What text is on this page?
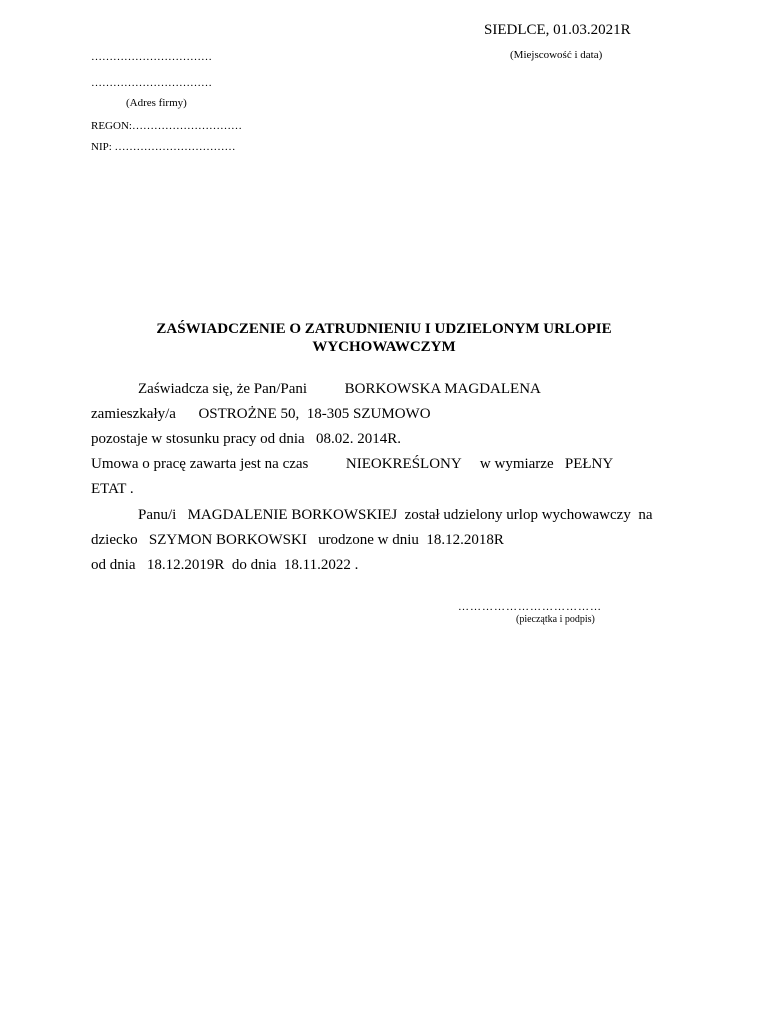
SIEDLCE, 01.03.2021R
(Miejscowość i data)
……………………………
……………………………
(Adres firmy)
REGON:…………………………
NIP: ……………………………
ZAŚWIADCZENIE O ZATRUDNIENIU I UDZIELONYM URLOPIE
WYCHOWAWCZYM
Zaświadcza się, że Pan/Pani          BORKOWSKA MAGDALENA
zamieszkały/a      OSTROŻNE 50,  18-305 SZUMOWO
pozostaje w stosunku pracy od dnia   08.02. 2014R.
Umowa o pracę zawarta jest na czas          NIEOKREŚLONY     w wymiarze   PEŁNY
ETAT .
Panu/i   MAGDALENIE BORKOWSKIEJ  został udzielony urlop wychowawczy  na
dziecko   SZYMON BORKOWSKI   urodzone w dniu  18.12.2018R
od dnia   18.12.2019R  do dnia  18.11.2022 .
………………………………
(pieczątka i podpis)
